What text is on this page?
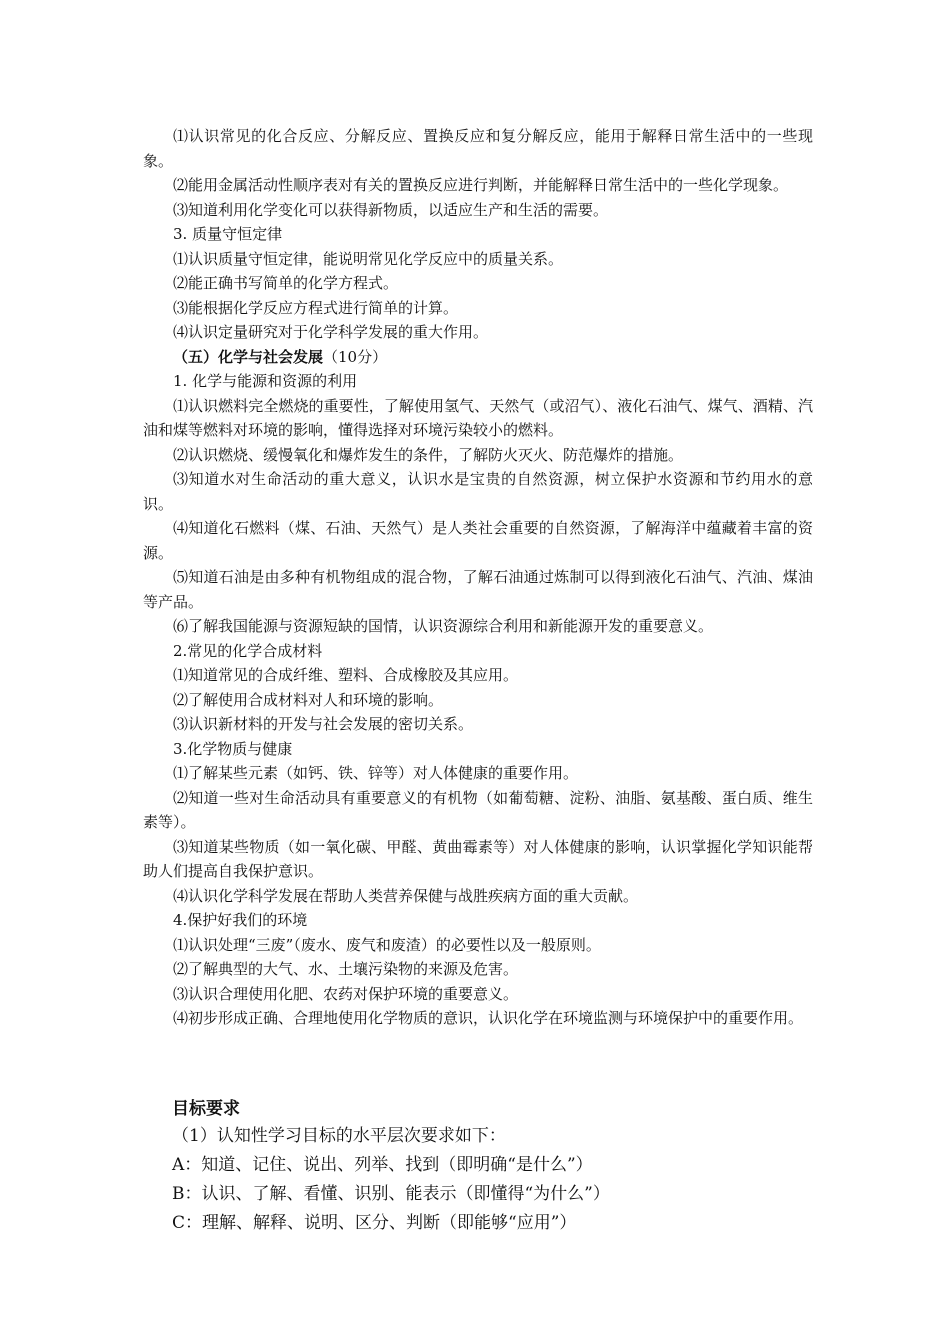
⑴认识常见的化合反应、分解反应、置换反应和复分解反应，能用于解释日常生活中的一些现象。

⑵能用金属活动性顺序表对有关的置换反应进行判断，并能解释日常生活中的一些化学现象。

⑶知道利用化学变化可以获得新物质，以适应生产和生活的需要。

3. 质量守恒定律

⑴认识质量守恒定律，能说明常见化学反应中的质量关系。

⑵能正确书写简单的化学方程式。

⑶能根据化学反应方程式进行简单的计算。

⑷认识定量研究对于化学科学发展的重大作用。

（五）化学与社会发展（10分）

1. 化学与能源和资源的利用

⑴认识燃料完全燃烧的重要性，了解使用氢气、天然气（或沼气）、液化石油气、煤气、酒精、汽油和煤等燃料对环境的影响，懂得选择对环境污染较小的燃料。

⑵认识燃烧、缓慢氧化和爆炸发生的条件，了解防火灭火、防范爆炸的措施。

⑶知道水对生命活动的重大意义，认识水是宝贵的自然资源，树立保护水资源和节约用水的意识。

⑷知道化石燃料（煤、石油、天然气）是人类社会重要的自然资源，了解海洋中蕴藏着丰富的资源。

⑸知道石油是由多种有机物组成的混合物，了解石油通过炼制可以得到液化石油气、汽油、煤油等产品。

⑹了解我国能源与资源短缺的国情，认识资源综合利用和新能源开发的重要意义。

2.常见的化学合成材料

⑴知道常见的合成纤维、塑料、合成橡胶及其应用。

⑵了解使用合成材料对人和环境的影响。

⑶认识新材料的开发与社会发展的密切关系。

3.化学物质与健康

⑴了解某些元素（如钙、铁、锌等）对人体健康的重要作用。

⑵知道一些对生命活动具有重要意义的有机物（如葡萄糖、淀粉、油脂、氨基酸、蛋白质、维生素等）。

⑶知道某些物质（如一氧化碳、甲醛、黄曲霉素等）对人体健康的影响，认识掌握化学知识能帮助人们提高自我保护意识。

⑷认识化学科学发展在帮助人类营养保健与战胜疾病方面的重大贡献。

4.保护好我们的环境

⑴认识处理“三废”（废水、废气和废渣）的必要性以及一般原则。

⑵了解典型的大气、水、土壤污染物的来源及危害。

⑶认识合理使用化肥、农药对保护环境的重要意义。

⑷初步形成正确、合理地使用化学物质的意识，认识化学在环境监测与环境保护中的重要作用。

目标要求

（1）认知性学习目标的水平层次要求如下：

A：知道、记住、说出、列举、找到（即明确“是什么”）

B：认识、了解、看懂、识别、能表示（即懂得“为什么”）

C：理解、解释、说明、区分、判断（即能够“应用”）
